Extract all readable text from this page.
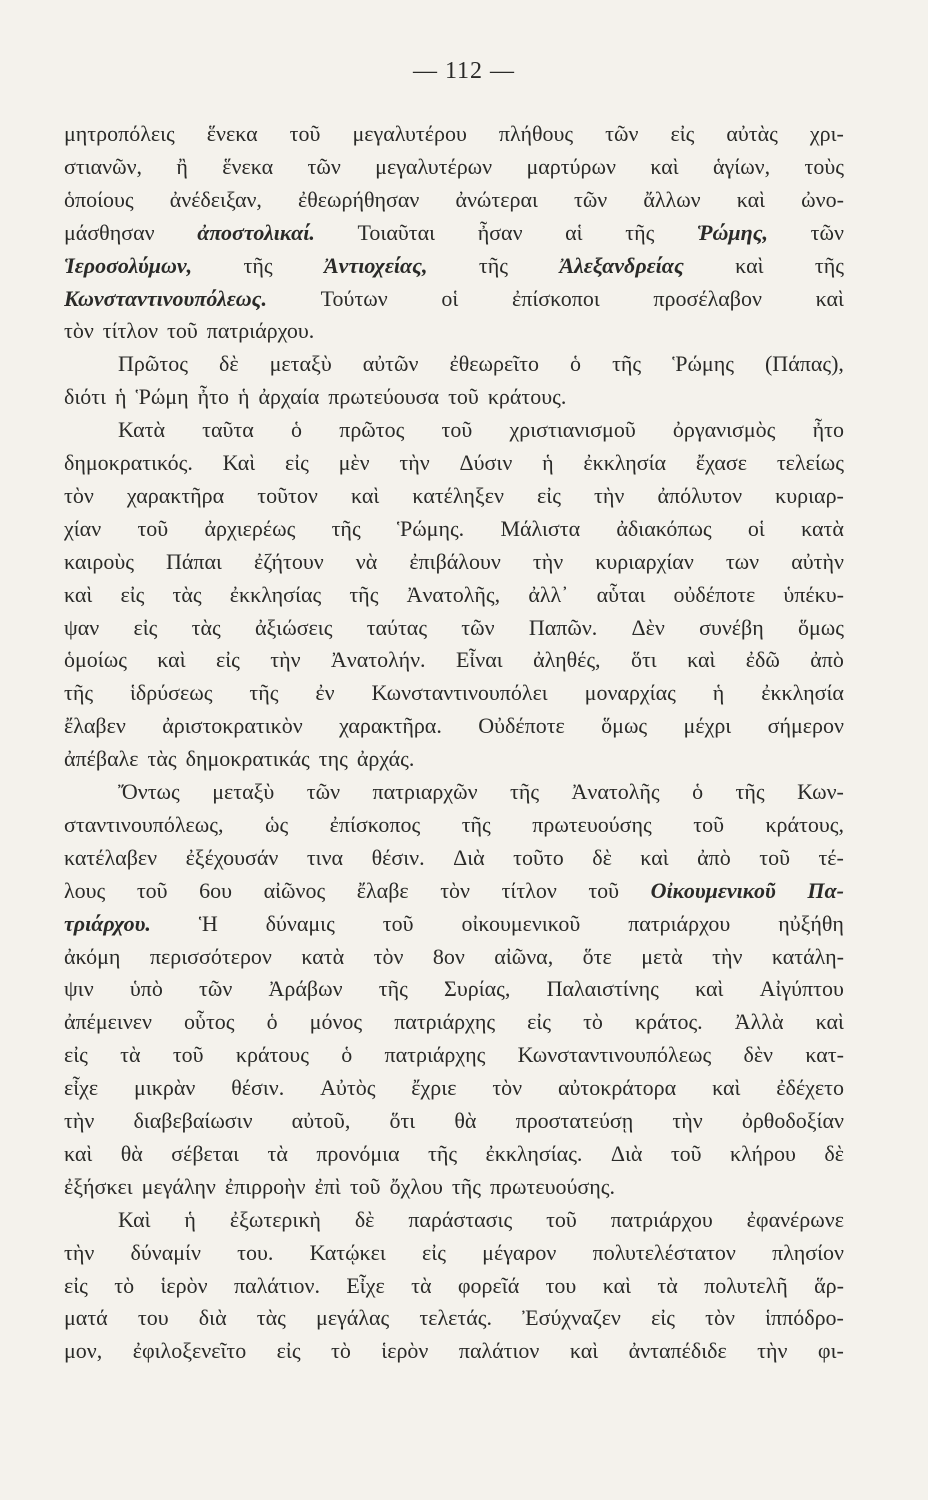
— 112 —
μητροπόλεις ἕνεκα τοῦ μεγαλυτέρου πλήθους τῶν εἰς αὐτὰς χρι-
στιανῶν, ἢ ἕνεκα τῶν μεγαλυτέρων μαρτύρων καὶ ἁγίων, τοὺς
ὁποίους ἀνέδειξαν, ἐθεωρήθησαν ἀνώτεραι τῶν ἄλλων καὶ ὠνο-
μάσθησαν ἀποστολικαί. Τοιαῦται ἦσαν αἱ τῆς Ῥώμης, τῶν
Ἱεροσολύμων, τῆς Ἀντιοχείας, τῆς Ἀλεξανδρείας καὶ τῆς
Κωνσταντινουπόλεως. Τούτων οἱ ἐπίσκοποι προσέλαβον καὶ
τὸν τίτλον τοῦ πατριάρχου.
Πρῶτος δὲ μεταξὺ αὐτῶν ἐθεωρεῖτο ὁ τῆς Ῥώμης (Πάπας),
διότι ἡ Ῥώμη ἦτο ἡ ἀρχαία πρωτεύουσα τοῦ κράτους.
Κατὰ ταῦτα ὁ πρῶτος τοῦ χριστιανισμοῦ ὀργανισμὸς ἦτο
δημοκρατικός. Καὶ εἰς μὲν τὴν Δύσιν ἡ ἐκκλησία ἔχασε τελείως
τὸν χαρακτῆρα τοῦτον καὶ κατέληξεν εἰς τὴν ἀπόλυτον κυριαρ-
χίαν τοῦ ἀρχιερέως τῆς Ῥώμης. Μάλιστα ἀδιακόπως οἱ κατὰ
καιροὺς Πάπαι ἐζήτουν νὰ ἐπιβάλουν τὴν κυριαρχίαν των αὐτὴν
καὶ εἰς τὰς ἐκκλησίας τῆς Ἀνατολῆς, ἀλλ᾽ αὗται οὐδέποτε ὑπέκυ-
ψαν εἰς τὰς ἀξιώσεις ταύτας τῶν Παπῶν. Δὲν συνέβη ὅμως
ὁμοίως καὶ εἰς τὴν Ἀνατολήν. Εἶναι ἀληθές, ὅτι καὶ ἐδῶ ἀπὸ
τῆς ἱδρύσεως τῆς ἐν Κωνσταντινουπόλει μοναρχίας ἡ ἐκκλησία
ἔλαβεν ἀριστοκρατικὸν χαρακτῆρα. Οὐδέποτε ὅμως μέχρι σήμερον
ἀπέβαλε τὰς δημοκρατικάς της ἀρχάς.
Ὄντως μεταξὺ τῶν πατριαρχῶν τῆς Ἀνατολῆς ὁ τῆς Κων-
σταντινουπόλεως, ὡς ἐπίσκοπος τῆς πρωτευούσης τοῦ κράτους,
κατέλαβεν ἐξέχουσάν τινα θέσιν. Διὰ τοῦτο δὲ καὶ ἀπὸ τοῦ τέ-
λους τοῦ 6ου αἰῶνος ἔλαβε τὸν τίτλον τοῦ Οἰκουμενικοῦ Πα-
τριάρχου. Ἡ δύναμις τοῦ οἰκουμενικοῦ πατριάρχου ηὐξήθη
ἀκόμη περισσότερον κατὰ τὸν 8ον αἰῶνα, ὅτε μετὰ τὴν κατάλη-
ψιν ὑπὸ τῶν Ἀράβων τῆς Συρίας, Παλαιστίνης καὶ Αἰγύπτου
ἀπέμεινεν οὗτος ὁ μόνος πατριάρχης εἰς τὸ κράτος. Ἀλλὰ καὶ
εἰς τὰ τοῦ κράτους ὁ πατριάρχης Κωνσταντινουπόλεως δὲν κατ-
εἶχε μικρὰν θέσιν. Αὐτὸς ἔχριε τὸν αὐτοκράτορα καὶ ἐδέχετο
τὴν διαβεβαίωσιν αὐτοῦ, ὅτι θὰ προστατεύσῃ τὴν ὀρθοδοξίαν
καὶ θὰ σέβεται τὰ προνόμια τῆς ἐκκλησίας. Διὰ τοῦ κλήρου δὲ
ἐξήσκει μεγάλην ἐπιρροὴν ἐπὶ τοῦ ὄχλου τῆς πρωτευούσης.
Καὶ ἡ ἐξωτερικὴ δὲ παράστασις τοῦ πατριάρχου ἐφανέρωνε
τὴν δύναμίν του. Κατῴκει εἰς μέγαρον πολυτελέστατον πλησίον
εἰς τὸ ἱερὸν παλάτιον. Εἶχε τὰ φορεῖά του καὶ τὰ πολυτελῆ ἅρ-
ματά του διὰ τὰς μεγάλας τελετάς. Ἐσύχναζεν εἰς τὸν ἱππόδρο-
μον, ἐφιλοξενεῖτο εἰς τὸ ἱερὸν παλάτιον καὶ ἀνταπέδιδε τὴν φι-
